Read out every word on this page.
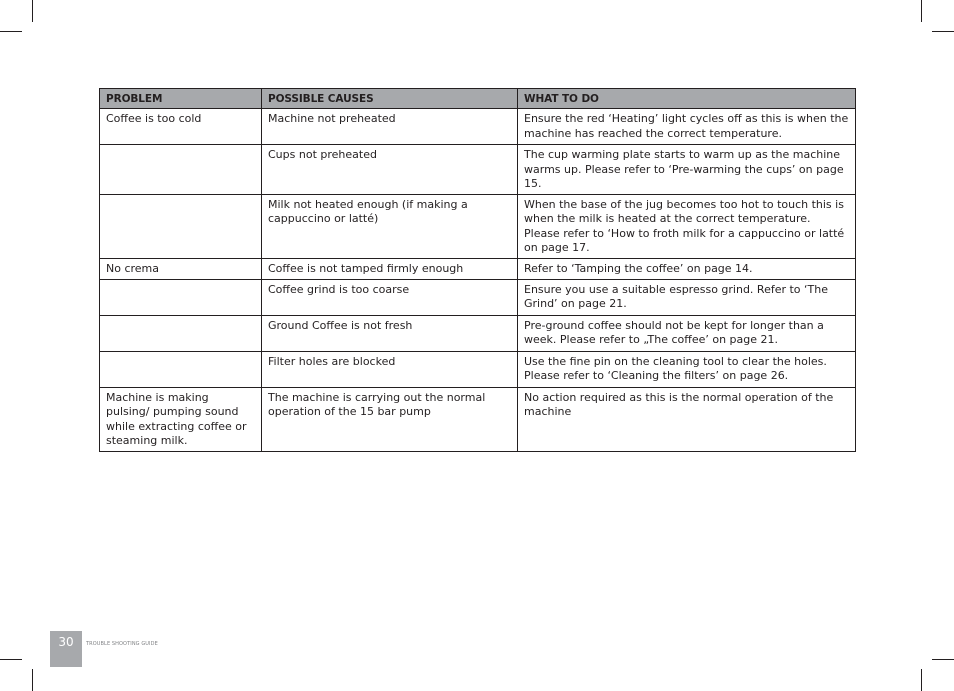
PROBLEM	POSSIBLE CAUSES	WHAT TO DO
Coffee is too cold	Machine not preheated	Ensure the red ‘Heating’ light cycles off as this is when the machine has reached the correct temperature.
	Cups not preheated	The cup warming plate starts to warm up as the machine warms up. Please refer to ‘Pre-warming the cups’ on page 15.
	Milk not heated enough (if making a cappuccino or latté)	When the base of the jug becomes too hot to touch this is when the milk is heated at the correct temperature. Please refer to ‘How to froth milk for a cappuccino or latté on page 17.
No crema	Coffee is not tamped firmly enough	Refer to ‘Tamping the coffee’ on page 14.
	Coffee grind is too coarse	Ensure you use a suitable espresso grind. Refer to ‘The Grind’ on page 21.
	Ground Coffee is not fresh	Pre-ground coffee should not be kept for longer than a week. Please refer to „The coffee’ on page 21.
	Filter holes are blocked	Use the fine pin on the cleaning tool to clear the holes. Please refer to ‘Cleaning the filters’ on page 26.
Machine is making pulsing/ pumping sound while extracting coffee or steaming milk.	The machine is carrying out the normal operation of the 15 bar pump	No action required as this is the normal operation of the machine
30	TROUBLE SHOOTING GUIDE
